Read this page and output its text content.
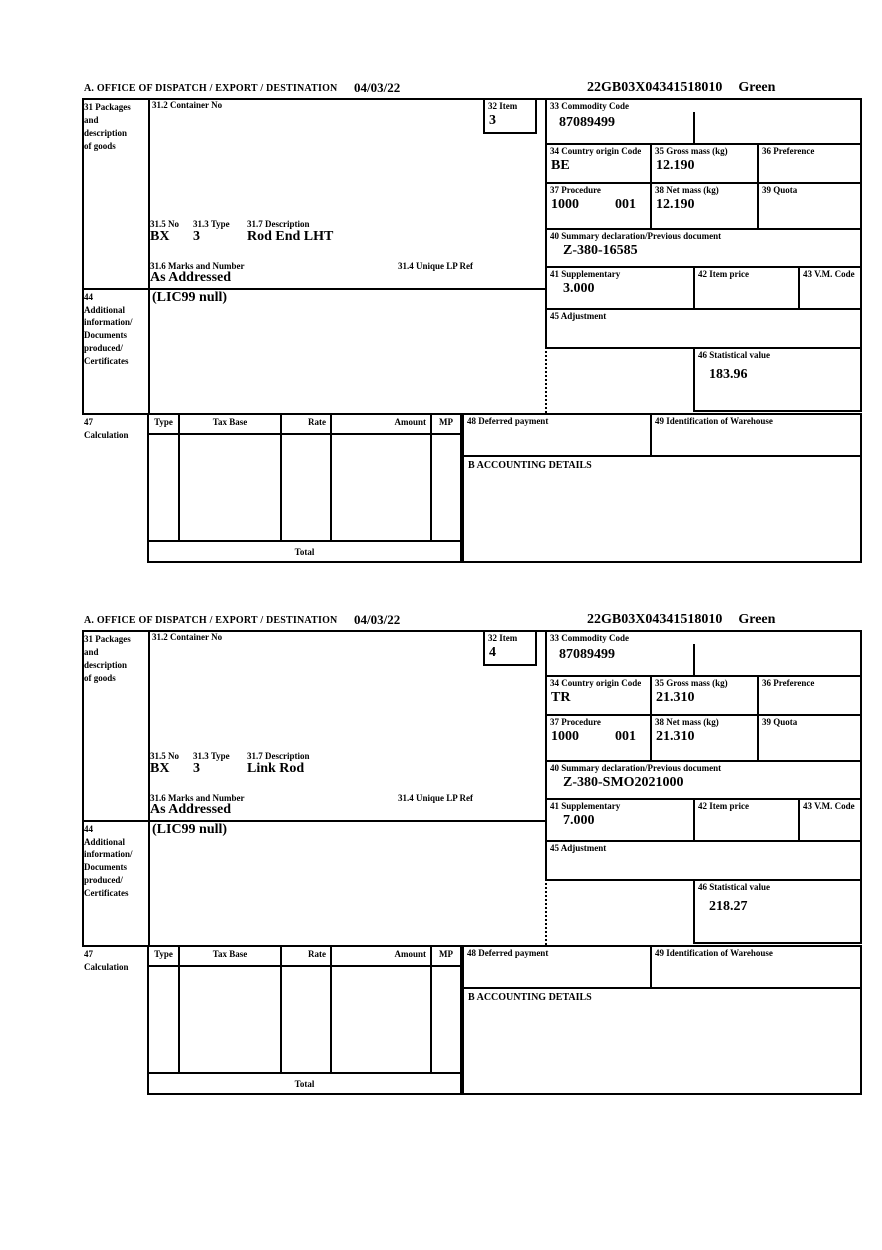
A. OFFICE OF DISPATCH / EXPORT / DESTINATION 04/03/22	22GB03X04341518010 Green
31 Packages
and
description
of goods
31.2 Container No	32 Item
3
33 Commodity Code
87089499
34 Country origin Code
BE
35 Gross mass (kg)
12.190
36 Preference
37 Procedure
1000	001
38 Net mass (kg)
12.190
39 Quota
40 Summary declaration/Previous document
Z-380-16585
31.5 No 31.3 Type 31.7 Description
BX 3	Rod End LHT
31.6 Marks and Number	31.4 Unique LP Ref
As Addressed	41 Supplementary
3.000
42 Item price	43 V.M. Code
45 Adjustment
46 Statistical value
183.96
44
Additional
information/
Documents
produced/
Certificates
(LIC99 null)
47
Calculation
Type	Tax Base	Rate	Amount	MP
Total
48 Deferred payment	49 Identification of Warehouse
B ACCOUNTING DETAILS
A. OFFICE OF DISPATCH / EXPORT / DESTINATION 04/03/22	22GB03X04341518010 Green
31 Packages
and
description
of goods
31.2 Container No	32 Item
4
33 Commodity Code
87089499
34 Country origin Code
TR
35 Gross mass (kg)
21.310
36 Preference
37 Procedure
1000	001
38 Net mass (kg)
21.310
39 Quota
40 Summary declaration/Previous document
Z-380-SMO2021000
31.5 No 31.3 Type 31.7 Description
BX 3	Link Rod
31.6 Marks and Number	31.4 Unique LP Ref
As Addressed	41 Supplementary
7.000
42 Item price	43 V.M. Code
45 Adjustment
46 Statistical value
218.27
44
Additional
information/
Documents
produced/
Certificates
(LIC99 null)
47
Calculation
Type	Tax Base	Rate	Amount	MP
Total
48 Deferred payment	49 Identification of Warehouse
B ACCOUNTING DETAILS
